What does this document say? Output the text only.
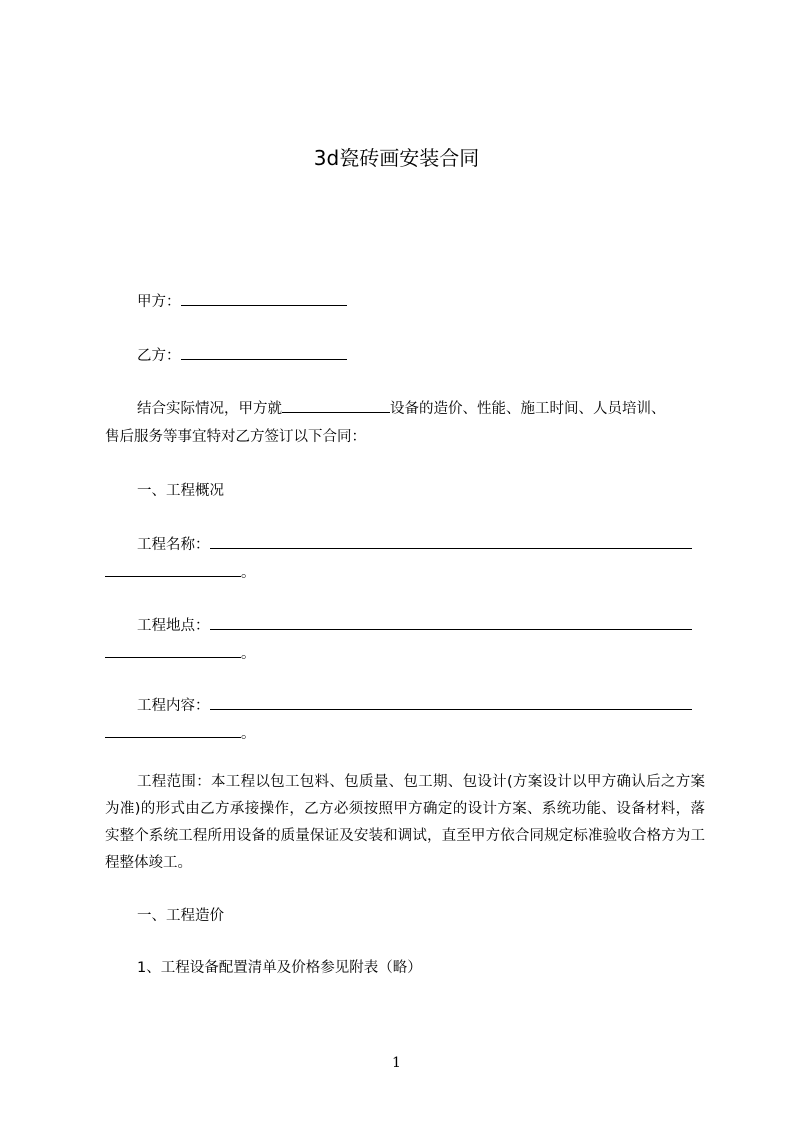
3d瓷砖画安装合同
甲方：
乙方：
结合实际情况，甲方就	设备的造价、性能、施工时间、人员培训、
售后服务等事宜特对乙方签订以下合同：
一、工程概况
工程名称：
。
工程地点：
。
工程内容：
。
工程范围：本工程以包工包料、包质量、包工期、包设计(方案设计以甲方确认后之方案为准)的形式由乙方承接操作，乙方必须按照甲方确定的设计方案、系统功能、设备材料，落实整个系统工程所用设备的质量保证及安装和调试，直至甲方依合同规定标准验收合格方为工程整体竣工。
一、工程造价
1、工程设备配置清单及价格参见附表（略）
1
